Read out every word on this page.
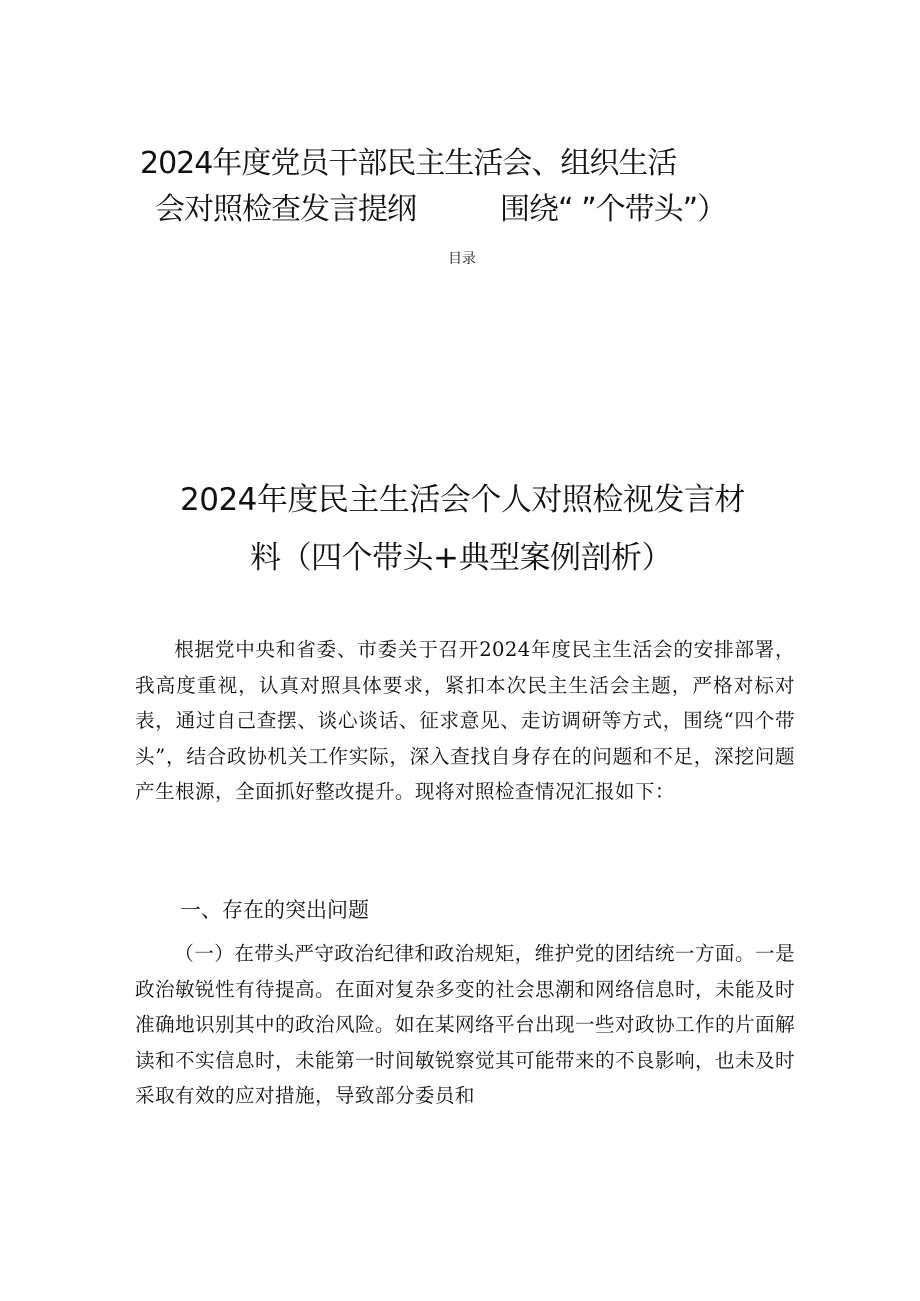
2024年度党员干部民主生活会、组织生活
会对照检查发言提纲	围绕“ ”个带头”）
目录
2024年度民主生活会个人对照检视发言材
料（四个带头+典型案例剖析）

根据党中央和省委、市委关于召开2024年度民主生活会的安排部署，我高度重视，认真对照具体要求，紧扣本次民主生活会主题，严格对标对表，通过自己查摆、谈心谈话、征求意见、走访调研等方式，围绕“四个带头”，结合政协机关工作实际，深入查找自身存在的问题和不足，深挖问题产生根源，全面抓好整改提升。现将对照检查情况汇报如下：

一、存在的突出问题

（一）在带头严守政治纪律和政治规矩，维护党的团结统一方面。一是政治敏锐性有待提高。在面对复杂多变的社会思潮和网络信息时，未能及时准确地识别其中的政治风险。如在某网络平台出现一些对政协工作的片面解读和不实信息时，未能第一时间敏锐察觉其可能带来的不良影响，也未及时采取有效的应对措施，导致部分委员和
